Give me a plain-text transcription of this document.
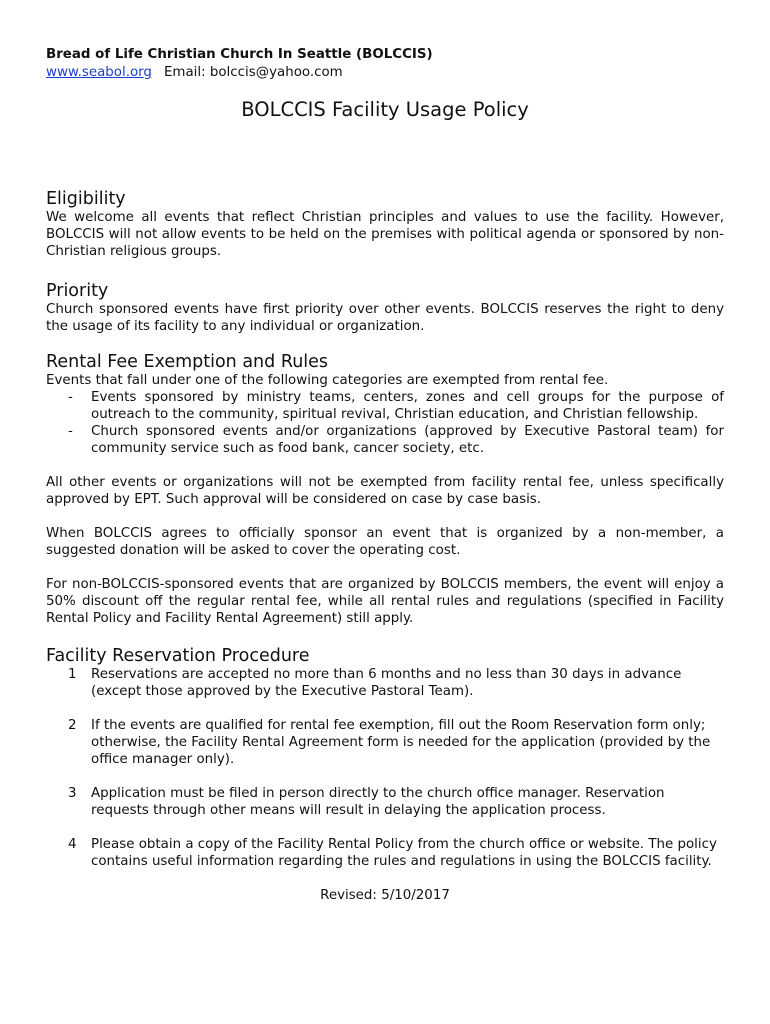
Bread of Life Christian Church In Seattle (BOLCCIS)

www.seabol.org Email: bolccis@yahoo.com

BOLCCIS Facility Usage Policy
Eligibility

We welcome all events that reflect Christian principles and values to use the facility. However, BOLCCIS will not allow events to be held on the premises with political agenda or sponsored by non-Christian religious groups.

Priority

Church sponsored events have first priority over other events. BOLCCIS reserves the right to deny the usage of its facility to any individual or organization.

Rental Fee Exemption and Rules

Events that fall under one of the following categories are exempted from rental fee.

- Events sponsored by ministry teams, centers, zones and cell groups for the purpose of outreach to the community, spiritual revival, Christian education, and Christian fellowship.
- Church sponsored events and/or organizations (approved by Executive Pastoral team) for community service such as food bank, cancer society, etc.

All other events or organizations will not be exempted from facility rental fee, unless specifically approved by EPT. Such approval will be considered on case by case basis.

When BOLCCIS agrees to officially sponsor an event that is organized by a non-member, a suggested donation will be asked to cover the operating cost.

For non-BOLCCIS-sponsored events that are organized by BOLCCIS members, the event will enjoy a 50% discount off the regular rental fee, while all rental rules and regulations (specified in Facility Rental Policy and Facility Rental Agreement) still apply.

Facility Reservation Procedure
1 Reservations are accepted no more than 6 months and no less than 30 days in advance (except those approved by the Executive Pastoral Team).
2 If the events are qualified for rental fee exemption, fill out the Room Reservation form only; otherwise, the Facility Rental Agreement form is needed for the application (provided by the office manager only).
3 Application must be filed in person directly to the church office manager. Reservation requests through other means will result in delaying the application process.
4 Please obtain a copy of the Facility Rental Policy from the church office or website. The policy contains useful information regarding the rules and regulations in using the BOLCCIS facility.

Revised: 5/10/2017
